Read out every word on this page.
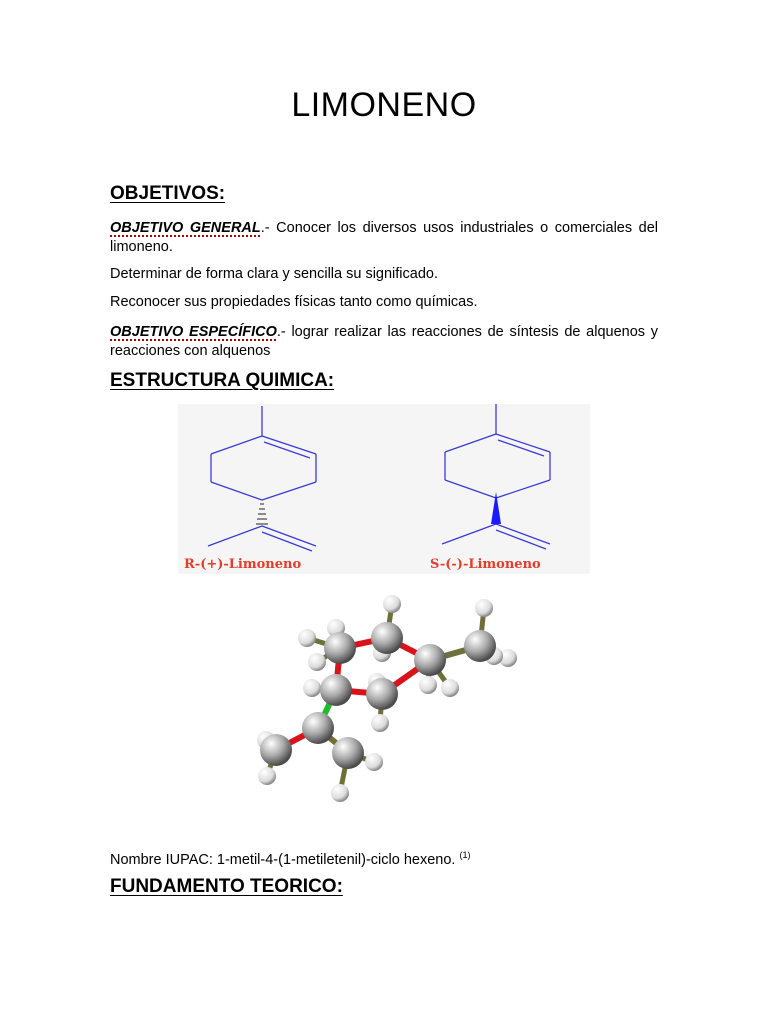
LIMONENO
OBJETIVOS:
OBJETIVO GENERAL.- Conocer los diversos usos industriales o comerciales del limoneno.
Determinar de forma clara y sencilla su significado.
Reconocer sus propiedades físicas tanto como químicas.
OBJETIVO ESPECÍFICO.- lograr realizar las reacciones de síntesis de alquenos y reacciones con alquenos
ESTRUCTURA QUIMICA:
R-(+)-Limoneno	S-(-)-Limoneno
Nombre IUPAC: 1-metil-4-(1-metiletenil)-ciclo hexeno. $^{(1)}$
FUNDAMENTO TEORICO:
